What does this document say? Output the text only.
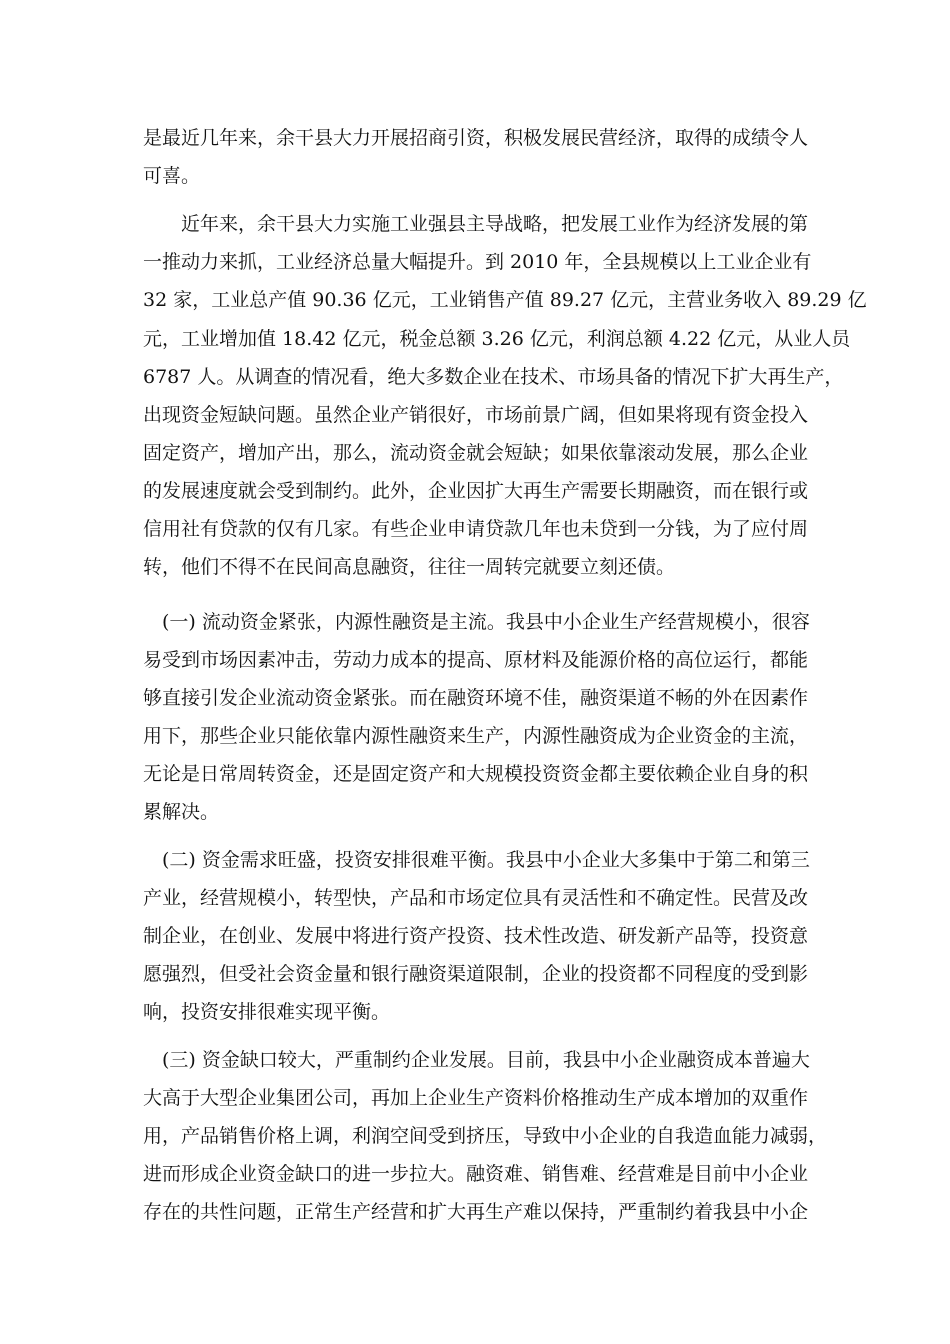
是最近几年来，余干县大力开展招商引资，积极发展民营经济，取得的成绩令人
可喜。
近年来，余干县大力实施工业强县主导战略，把发展工业作为经济发展的第
一推动力来抓，工业经济总量大幅提升。到 2010 年，全县规模以上工业企业有
32 家，工业总产值 90.36 亿元，工业销售产值 89.27 亿元，主营业务收入 89.29 亿
元，工业增加值 18.42 亿元，税金总额 3.26 亿元，利润总额 4.22 亿元，从业人员
6787 人。从调查的情况看，绝大多数企业在技术、市场具备的情况下扩大再生产，
出现资金短缺问题。虽然企业产销很好，市场前景广阔，但如果将现有资金投入
固定资产，增加产出，那么，流动资金就会短缺；如果依靠滚动发展，那么企业
的发展速度就会受到制约。此外，企业因扩大再生产需要长期融资，而在银行或
信用社有贷款的仅有几家。有些企业申请贷款几年也未贷到一分钱，为了应付周
转，他们不得不在民间高息融资，往往一周转完就要立刻还债。
(一) 流动资金紧张，内源性融资是主流。我县中小企业生产经营规模小，很容
易受到市场因素冲击，劳动力成本的提高、原材料及能源价格的高位运行，都能
够直接引发企业流动资金紧张。而在融资环境不佳，融资渠道不畅的外在因素作
用下，那些企业只能依靠内源性融资来生产，内源性融资成为企业资金的主流，
无论是日常周转资金，还是固定资产和大规模投资资金都主要依赖企业自身的积
累解决。
(二) 资金需求旺盛，投资安排很难平衡。我县中小企业大多集中于第二和第三
产业，经营规模小，转型快，产品和市场定位具有灵活性和不确定性。民营及改
制企业，在创业、发展中将进行资产投资、技术性改造、研发新产品等，投资意
愿强烈，但受社会资金量和银行融资渠道限制，企业的投资都不同程度的受到影
响，投资安排很难实现平衡。
(三) 资金缺口较大，严重制约企业发展。目前，我县中小企业融资成本普遍大
大高于大型企业集团公司，再加上企业生产资料价格推动生产成本增加的双重作
用，产品销售价格上调，利润空间受到挤压，导致中小企业的自我造血能力减弱，
进而形成企业资金缺口的进一步拉大。融资难、销售难、经营难是目前中小企业
存在的共性问题，正常生产经营和扩大再生产难以保持，严重制约着我县中小企
